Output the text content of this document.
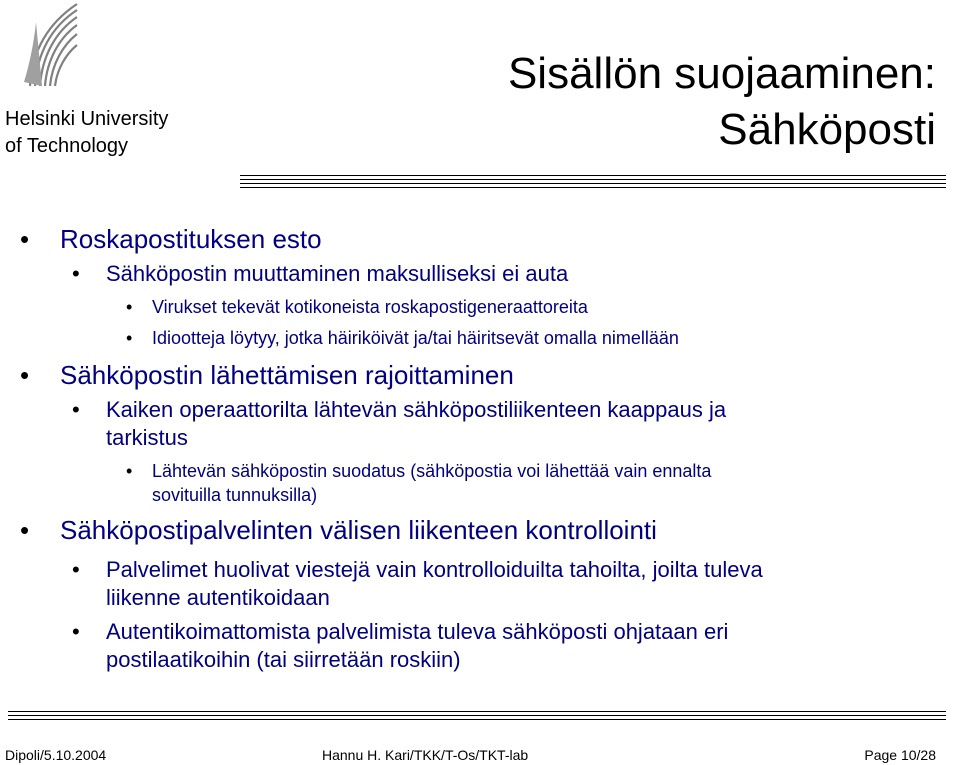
Helsinki University
of Technology
Sisällön suojaaminen:
Sähköposti
• Roskapostituksen esto
• Sähköpostin muuttaminen maksulliseksi ei auta
• Virukset tekevät kotikoneista roskapostigeneraattoreita
• Idiootteja löytyy, jotka häiriköivät ja/tai häiritsevät omalla nimellään
• Sähköpostin lähettämisen rajoittaminen
• Kaiken operaattorilta lähtevän sähköpostiliikenteen kaappaus ja
tarkistus
• Lähtevän sähköpostin suodatus (sähköpostia voi lähettää vain ennalta
sovituilla tunnuksilla)
• Sähköpostipalvelinten välisen liikenteen kontrollointi
• Palvelimet huolivat viestejä vain kontrolloiduilta tahoilta, joilta tuleva
liikenne autentikoidaan
• Autentikoimattomista palvelimista tuleva sähköposti ohjataan eri
postilaatikoihin (tai siirretään roskiin)
Dipoli/5.10.2004	Hannu H. Kari/TKK/T-Os/TKT-lab	Page 10/28
